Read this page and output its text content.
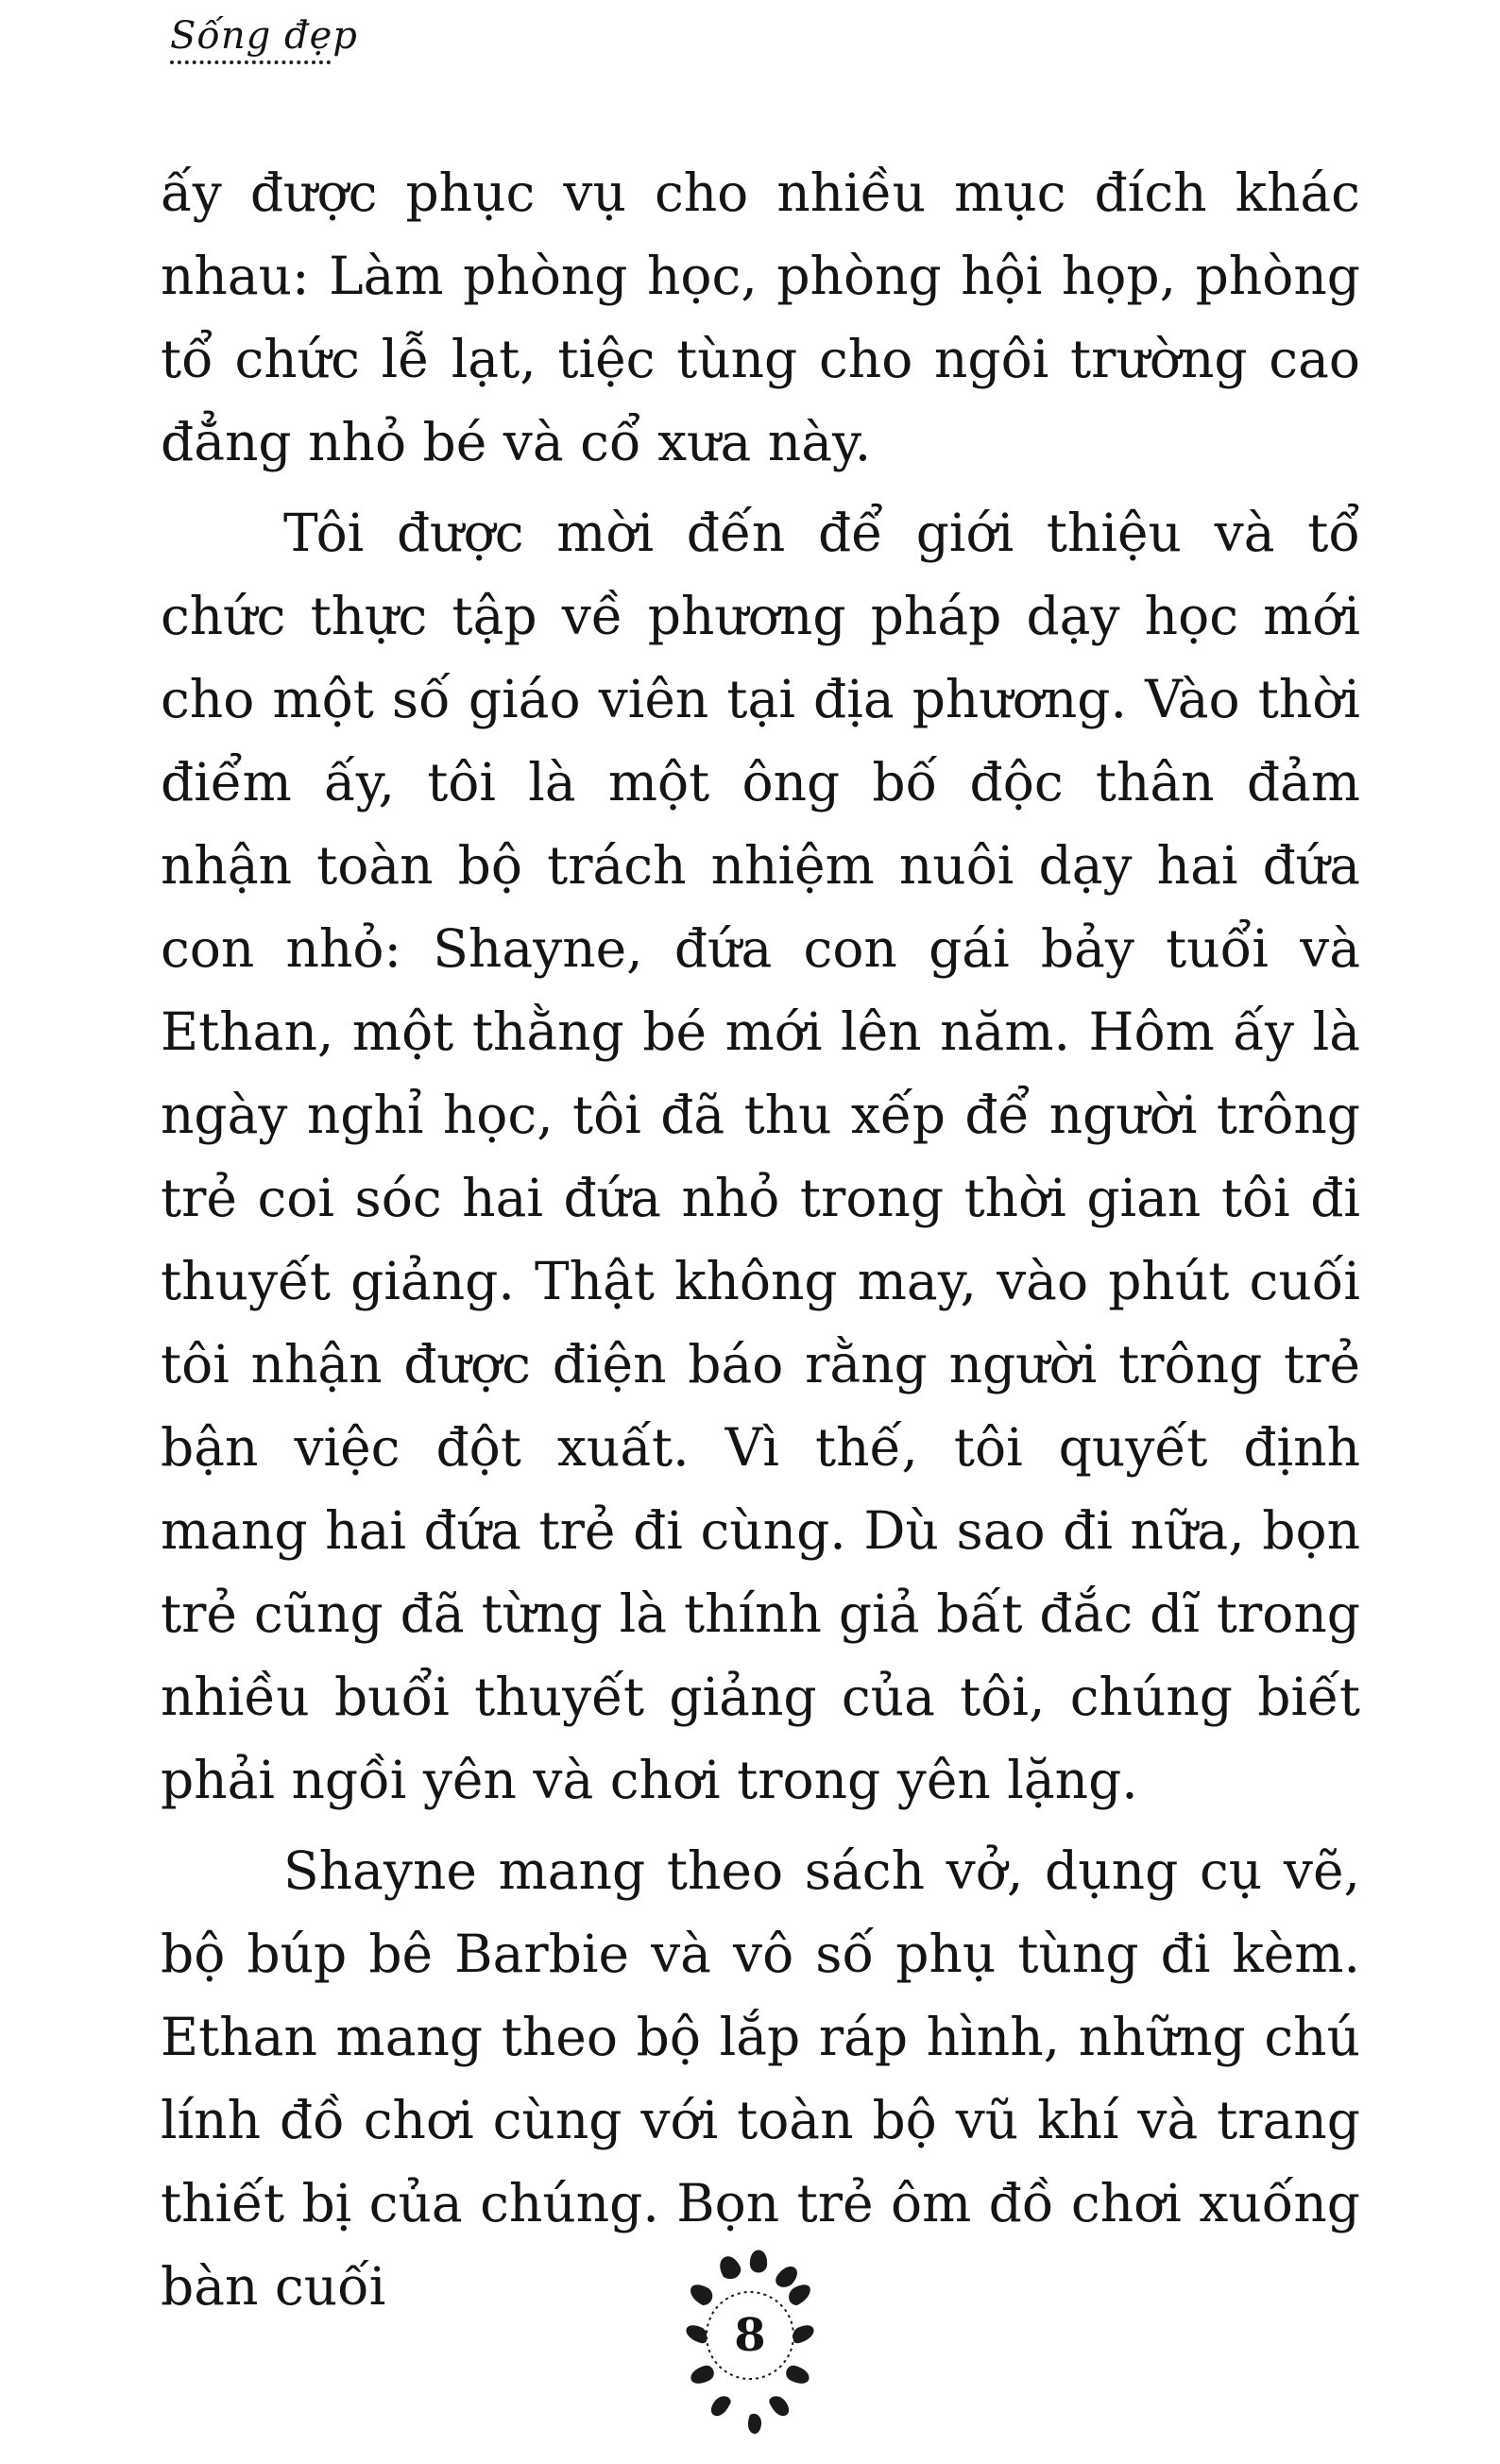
Sống đẹp

ấy được phục vụ cho nhiều mục đích khác nhau: Làm phòng học, phòng hội họp, phòng tổ chức lễ lạt, tiệc tùng cho ngôi trường cao đẳng nhỏ bé và cổ xưa này.

Tôi được mời đến để giới thiệu và tổ chức thực tập về phương pháp dạy học mới cho một số giáo viên tại địa phương. Vào thời điểm ấy, tôi là một ông bố độc thân đảm nhận toàn bộ trách nhiệm nuôi dạy hai đứa con nhỏ: Shayne, đứa con gái bảy tuổi và Ethan, một thằng bé mới lên năm. Hôm ấy là ngày nghỉ học, tôi đã thu xếp để người trông trẻ coi sóc hai đứa nhỏ trong thời gian tôi đi thuyết giảng. Thật không may, vào phút cuối tôi nhận được điện báo rằng người trông trẻ bận việc đột xuất. Vì thế, tôi quyết định mang hai đứa trẻ đi cùng. Dù sao đi nữa, bọn trẻ cũng đã từng là thính giả bất đắc dĩ trong nhiều buổi thuyết giảng của tôi, chúng biết phải ngồi yên và chơi trong yên lặng.

Shayne mang theo sách vở, dụng cụ vẽ, bộ búp bê Barbie và vô số phụ tùng đi kèm. Ethan mang theo bộ lắp ráp hình, những chú lính đồ chơi cùng với toàn bộ vũ khí và trang thiết bị của chúng. Bọn trẻ ôm đồ chơi xuống bàn cuối

8
